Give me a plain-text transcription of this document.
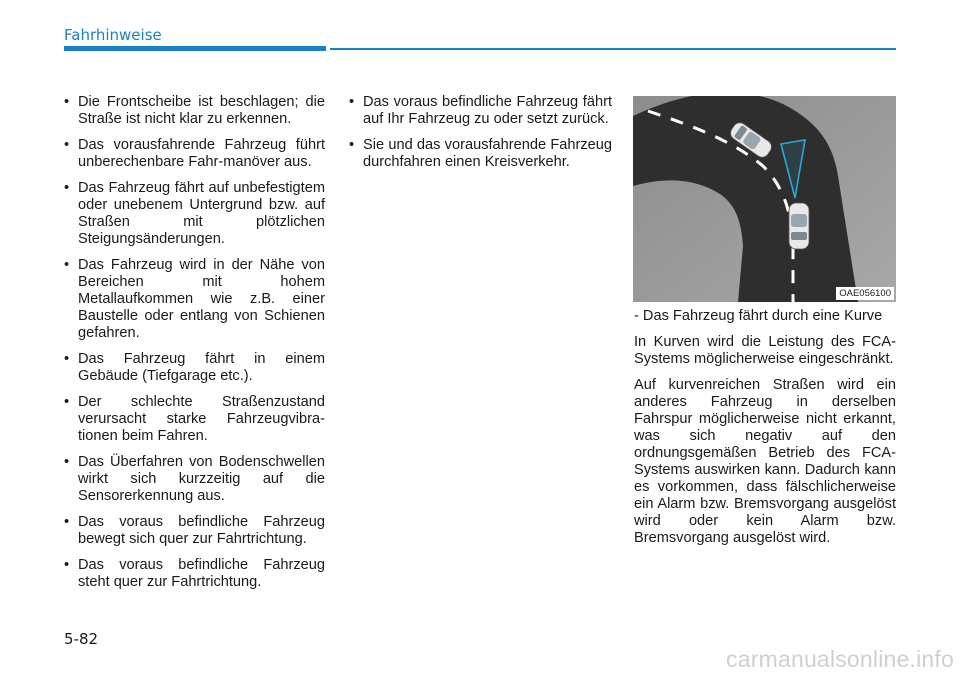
Fahrhinweise
• Die Frontscheibe ist beschlagen; die Straße ist nicht klar zu erkennen.
• Das vorausfahrende Fahrzeug führt unberechenbare Fahr-manöver aus.
• Das Fahrzeug fährt auf unbefestigtem oder unebenem Untergrund bzw. auf Straßen mit plötzlichen Steigungsänderungen.
• Das Fahrzeug wird in der Nähe von Bereichen mit hohem Metallaufkommen wie z.B. einer Baustelle oder entlang von Schienen gefahren.
• Das Fahrzeug fährt in einem Gebäude (Tiefgarage etc.).
• Der schlechte Straßenzustand verursacht starke Fahrzeugvibra-tionen beim Fahren.
• Das Überfahren von Bodenschwellen wirkt sich kurzzeitig auf die Sensorerkennung aus.
• Das voraus befindliche Fahrzeug bewegt sich quer zur Fahrtrichtung.
• Das voraus befindliche Fahrzeug steht quer zur Fahrtrichtung.
• Das voraus befindliche Fahrzeug fährt auf Ihr Fahrzeug zu oder setzt zurück.
• Sie und das vorausfahrende Fahrzeug durchfahren einen Kreisverkehr.
OAE056100

- Das Fahrzeug fährt durch eine Kurve

In Kurven wird die Leistung des FCA-Systems möglicherweise eingeschränkt.

Auf kurvenreichen Straßen wird ein anderes Fahrzeug in derselben Fahrspur möglicherweise nicht erkannt, was sich negativ auf den ordnungsgemäßen Betrieb des FCA-Systems auswirken kann. Dadurch kann es vorkommen, dass fälschlicherweise ein Alarm bzw. Bremsvorgang ausgelöst wird oder kein Alarm bzw. Bremsvorgang ausgelöst wird.

5-82
carmanualsonline.info
